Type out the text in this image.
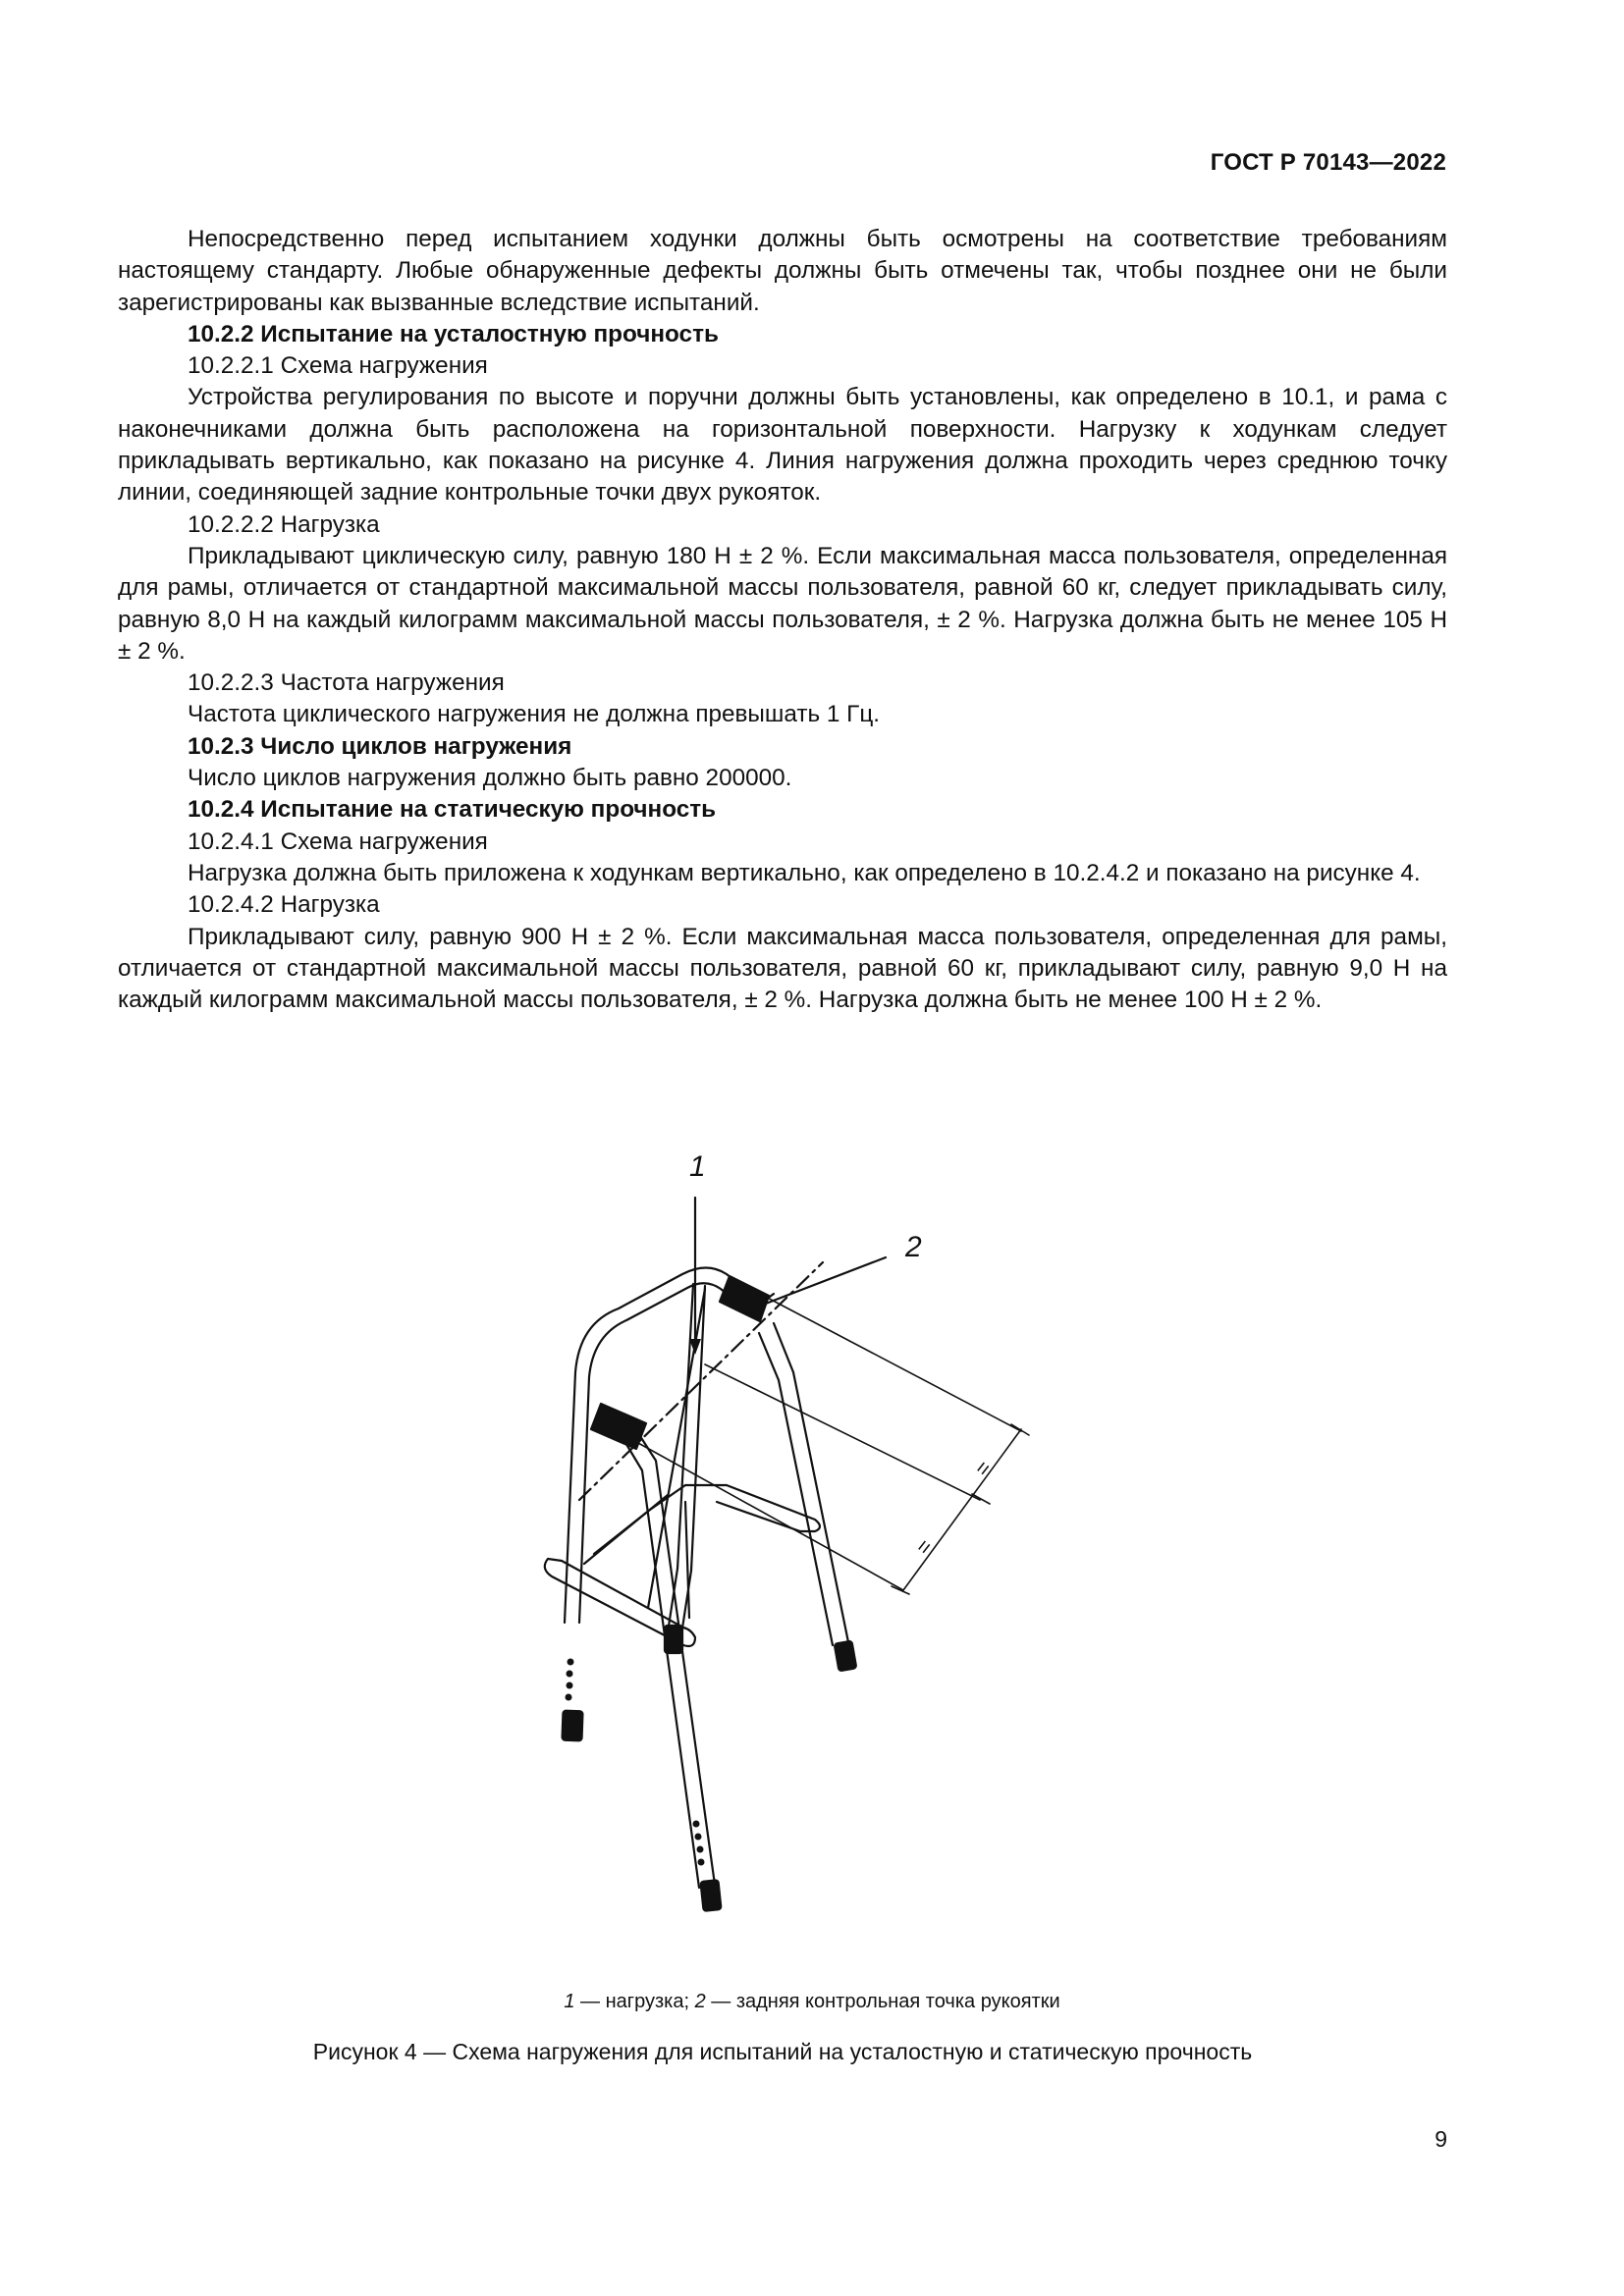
ГОСТ Р 70143—2022

Непосредственно перед испытанием ходунки должны быть осмотрены на соответствие требованиям настоящему стандарту. Любые обнаруженные дефекты должны быть отмечены так, чтобы позднее они не были зарегистрированы как вызванные вследствие испытаний.

10.2.2 Испытание на усталостную прочность

10.2.2.1 Схема нагружения

Устройства регулирования по высоте и поручни должны быть установлены, как определено в 10.1, и рама с наконечниками должна быть расположена на горизонтальной поверхности. Нагрузку к ходункам следует прикладывать вертикально, как показано на рисунке 4. Линия нагружения должна проходить через среднюю точку линии, соединяющей задние контрольные точки двух рукояток.

10.2.2.2 Нагрузка

Прикладывают циклическую силу, равную 180 Н ± 2 %. Если максимальная масса пользователя, определенная для рамы, отличается от стандартной максимальной массы пользователя, равной 60 кг, следует прикладывать силу, равную 8,0 Н на каждый килограмм максимальной массы пользователя, ± 2 %. Нагрузка должна быть не менее 105 Н ± 2 %.

10.2.2.3 Частота нагружения

Частота циклического нагружения не должна превышать 1 Гц.

10.2.3 Число циклов нагружения

Число циклов нагружения должно быть равно 200000.

10.2.4 Испытание на статическую прочность

10.2.4.1 Схема нагружения

Нагрузка должна быть приложена к ходункам вертикально, как определено в 10.2.4.2 и показано на рисунке 4.

10.2.4.2 Нагрузка

Прикладывают силу, равную 900 Н ± 2 %. Если максимальная масса пользователя, определенная для рамы, отличается от стандартной максимальной массы пользователя, равной 60 кг, прикладывают силу, равную 9,0 Н на каждый килограмм максимальной массы пользователя, ± 2 %. Нагрузка должна быть не менее 100 Н ± 2 %.

1
2
=
=
1 — нагрузка; 2 — задняя контрольная точка рукоятки
Рисунок 4 — Схема нагружения для испытаний на усталостную и статическую прочность
9
